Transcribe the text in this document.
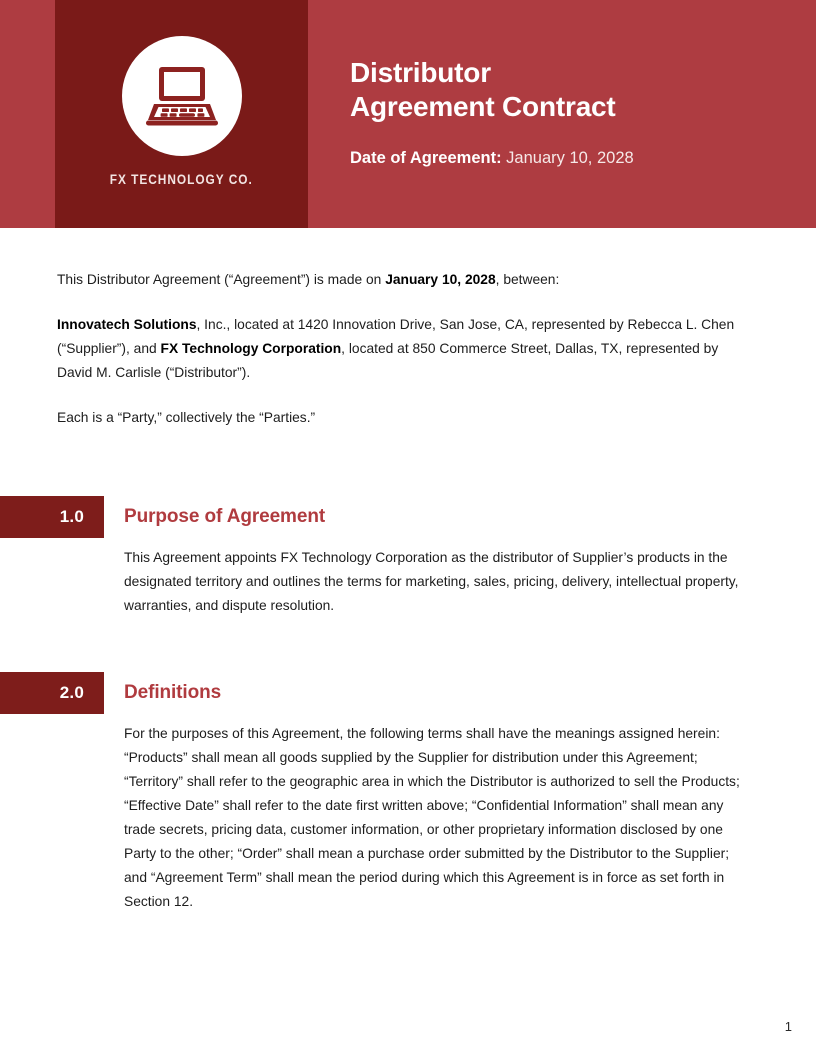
FX TECHNOLOGY CO.
Distributor
Agreement Contract
Date of Agreement: January 10, 2028

This Distributor Agreement (“Agreement”) is made on January 10, 2028, between:

Innovatech Solutions, Inc., located at 1420 Innovation Drive, San Jose, CA, represented by Rebecca L. Chen (“Supplier”), and FX Technology Corporation, located at 850 Commerce Street, Dallas, TX, represented by David M. Carlisle (“Distributor”).

Each is a “Party,” collectively the “Parties.”

1.0	Purpose of Agreement
This Agreement appoints FX Technology Corporation as the distributor of Supplier’s products in the designated territory and outlines the terms for marketing, sales, pricing, delivery, intellectual property, warranties, and dispute resolution.
2.0	Definitions
For the purposes of this Agreement, the following terms shall have the meanings assigned herein: “Products” shall mean all goods supplied by the Supplier for distribution under this Agreement; “Territory” shall refer to the geographic area in which the Distributor is authorized to sell the Products; “Effective Date” shall refer to the date first written above; “Confidential Information” shall mean any trade secrets, pricing data, customer information, or other proprietary information disclosed by one Party to the other; “Order” shall mean a purchase order submitted by the Distributor to the Supplier; and “Agreement Term” shall mean the period during which this Agreement is in force as set forth in Section 12.
1
